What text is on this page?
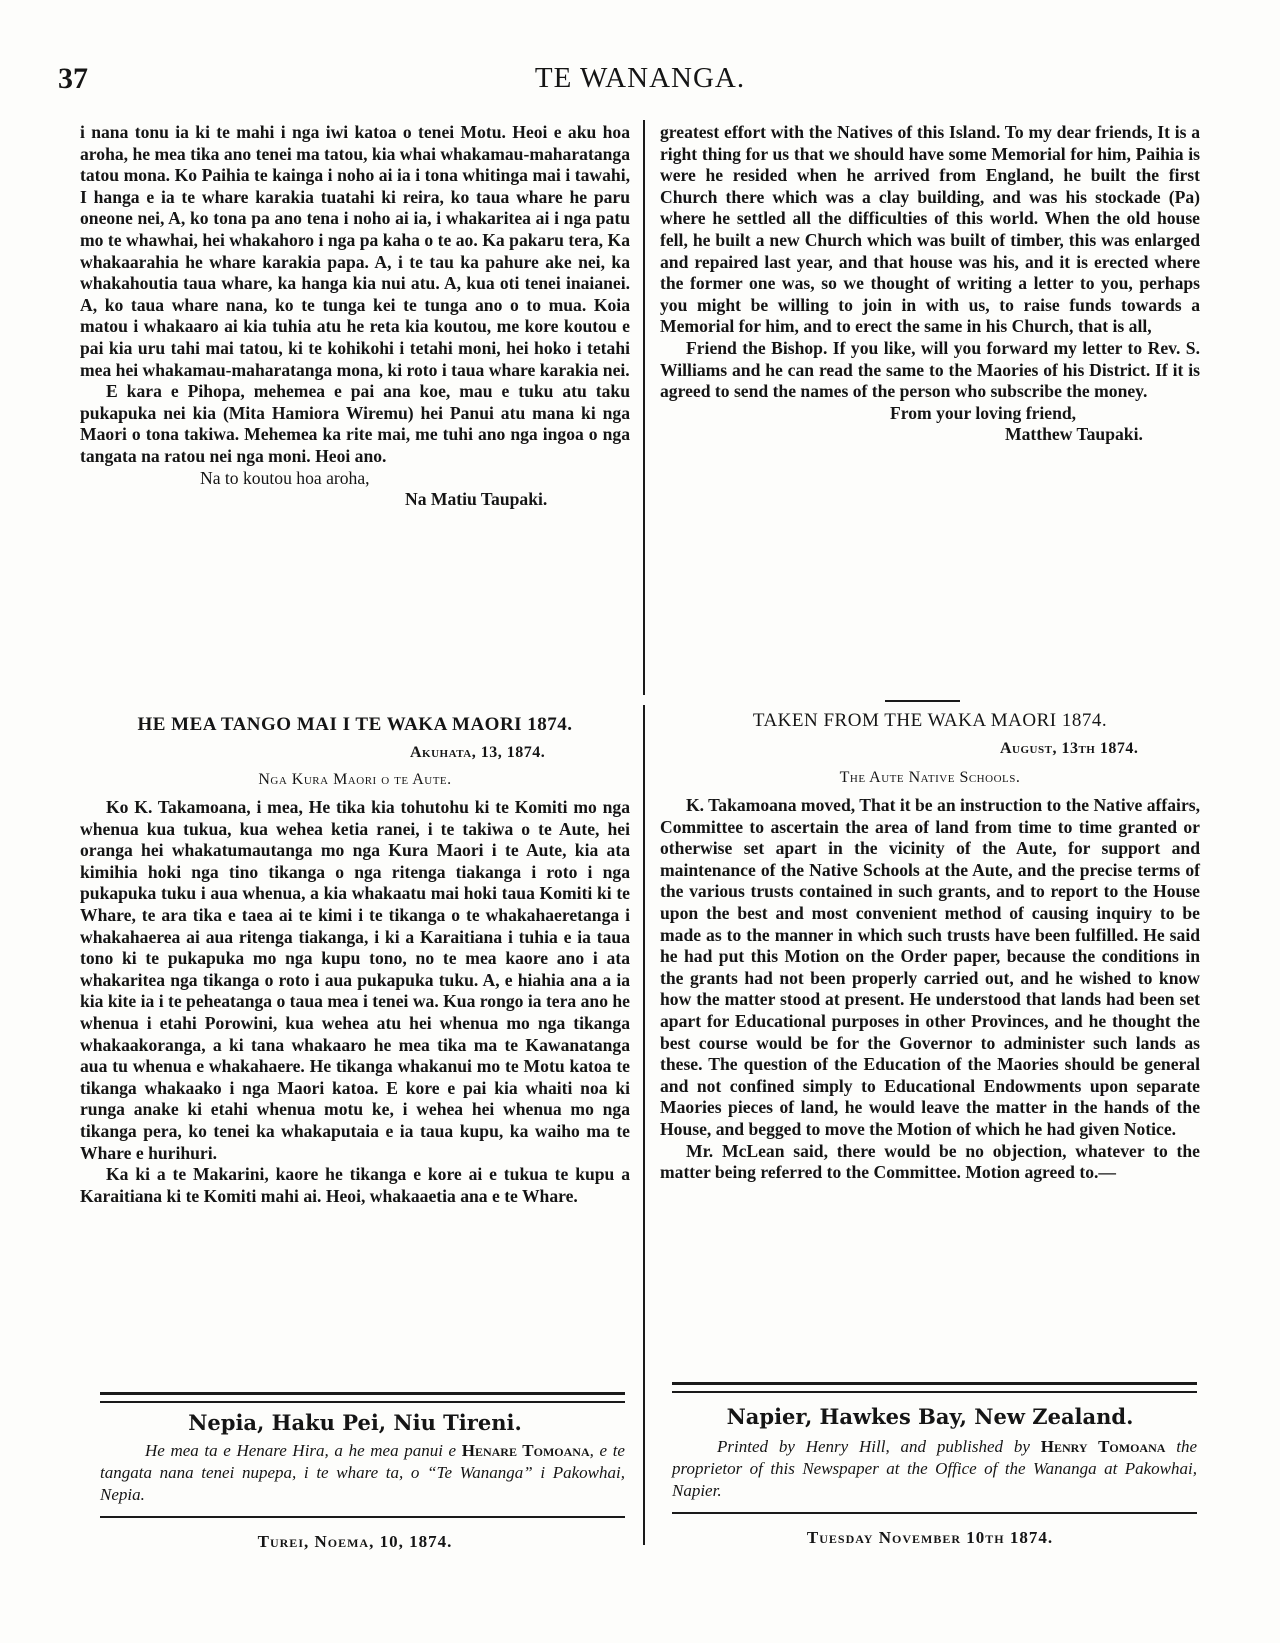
37	TE WANANGA.

i nana tonu ia ki te mahi i nga iwi katoa o tenei Motu. Heoi e aku hoa aroha, he mea tika ano tenei ma tatou, kia whai whakamau-maharatanga tatou mona. Ko Paihia te kainga i noho ai ia i tona whitinga mai i tawahi, I hanga e ia te whare karakia tuatahi ki reira, ko taua whare he paru oneone nei, A, ko tona pa ano tena i noho ai ia, i whakaritea ai i nga patu mo te whawhai, hei whakahoro i nga pa kaha o te ao. Ka pakaru tera, Ka whakaarahia he whare karakia papa. A, i te tau ka pahure ake nei, ka whakahoutia taua whare, ka hanga kia nui atu. A, kua oti tenei inaianei. A, ko taua whare nana, ko te tunga kei te tunga ano o to mua. Koia matou i whakaaro ai kia tuhia atu he reta kia koutou, me kore koutou e pai kia uru tahi mai tatou, ki te kohikohi i tetahi moni, hei hoko i tetahi mea hei whakamau-maharatanga mona, ki roto i taua whare karakia nei.

E kara e Pihopa, mehemea e pai ana koe, mau e tuku atu taku pukapuka nei kia (Mita Hamiora Wiremu) hei Panui atu mana ki nga Maori o tona takiwa. Mehemea ka rite mai, me tuhi ano nga ingoa o nga tangata na ratou nei nga moni. Heoi ano.

Na to koutou hoa aroha,

Na Matiu Taupaki.

greatest effort with the Natives of this Island. To my dear friends, It is a right thing for us that we should have some Memorial for him, Paihia is were he resided when he arrived from England, he built the first Church there which was a clay building, and was his stockade (Pa) where he settled all the difficulties of this world. When the old house fell, he built a new Church which was built of timber, this was enlarged and repaired last year, and that house was his, and it is erected where the former one was, so we thought of writing a letter to you, perhaps you might be willing to join in with us, to raise funds towards a Memorial for him, and to erect the same in his Church, that is all,

Friend the Bishop. If you like, will you forward my letter to Rev. S. Williams and he can read the same to the Maories of his District. If it is agreed to send the names of the person who subscribe the money.

From your loving friend,

Matthew Taupaki.

HE MEA TANGO MAI I TE WAKA MAORI 1874.
Akuhata, 13, 1874.
Nga Kura Maori o te Aute.
TAKEN FROM THE WAKA MAORI 1874.
August, 13th 1874.
The Aute Native Schools.

Ko K. Takamoana, i mea, He tika kia tohutohu ki te Komiti mo nga whenua kua tukua, kua wehea ketia ranei, i te takiwa o te Aute, hei oranga hei whakatumautanga mo nga Kura Maori i te Aute, kia ata kimihia hoki nga tino tikanga o nga ritenga tiakanga i roto i nga pukapuka tuku i aua whenua, a kia whakaatu mai hoki taua Komiti ki te Whare, te ara tika e taea ai te kimi i te tikanga o te whakahaeretanga i whakahaerea ai aua ritenga tiakanga, i ki a Karaitiana i tuhia e ia taua tono ki te pukapuka mo nga kupu tono, no te mea kaore ano i ata whakaritea nga tikanga o roto i aua pukapuka tuku. A, e hiahia ana a ia kia kite ia i te peheatanga o taua mea i tenei wa. Kua rongo ia tera ano he whenua i etahi Porowini, kua wehea atu hei whenua mo nga tikanga whakaakoranga, a ki tana whakaaro he mea tika ma te Kawanatanga aua tu whenua e whakahaere. He tikanga whakanui mo te Motu katoa te tikanga whakaako i nga Maori katoa. E kore e pai kia whaiti noa ki runga anake ki etahi whenua motu ke, i wehea hei whenua mo nga tikanga pera, ko tenei ka whakaputaia e ia taua kupu, ka waiho ma te Whare e hurihuri.

Ka ki a te Makarini, kaore he tikanga e kore ai e tukua te kupu a Karaitiana ki te Komiti mahi ai. Heoi, whakaaetia ana e te Whare.

K. Takamoana moved, That it be an instruction to the Native affairs, Committee to ascertain the area of land from time to time granted or otherwise set apart in the vicinity of the Aute, for support and maintenance of the Native Schools at the Aute, and the precise terms of the various trusts contained in such grants, and to report to the House upon the best and most convenient method of causing inquiry to be made as to the manner in which such trusts have been fulfilled. He said he had put this Motion on the Order paper, because the conditions in the grants had not been properly carried out, and he wished to know how the matter stood at present. He understood that lands had been set apart for Educational purposes in other Provinces, and he thought the best course would be for the Governor to administer such lands as these. The question of the Education of the Maories should be general and not confined simply to Educational Endowments upon separate Maories pieces of land, he would leave the matter in the hands of the House, and begged to move the Motion of which he had given Notice.

Mr. McLean said, there would be no objection, whatever to the matter being referred to the Committee. Motion agreed to.—

Nepia, Haku Pei, Niu Tireni.
He mea ta e Henare Hira, a he mea panui e Henare Tomoana, e te tangata nana tenei nupepa, i te whare ta, o “Te Wananga” i Pakowhai, Nepia.
Turei, Noema, 10, 1874.
Napier, Hawkes Bay, New Zealand.
Printed by Henry Hill, and published by Henry Tomoana the proprietor of this Newspaper at the Office of the Wananga at Pakowhai, Napier.
Tuesday November 10th 1874.
